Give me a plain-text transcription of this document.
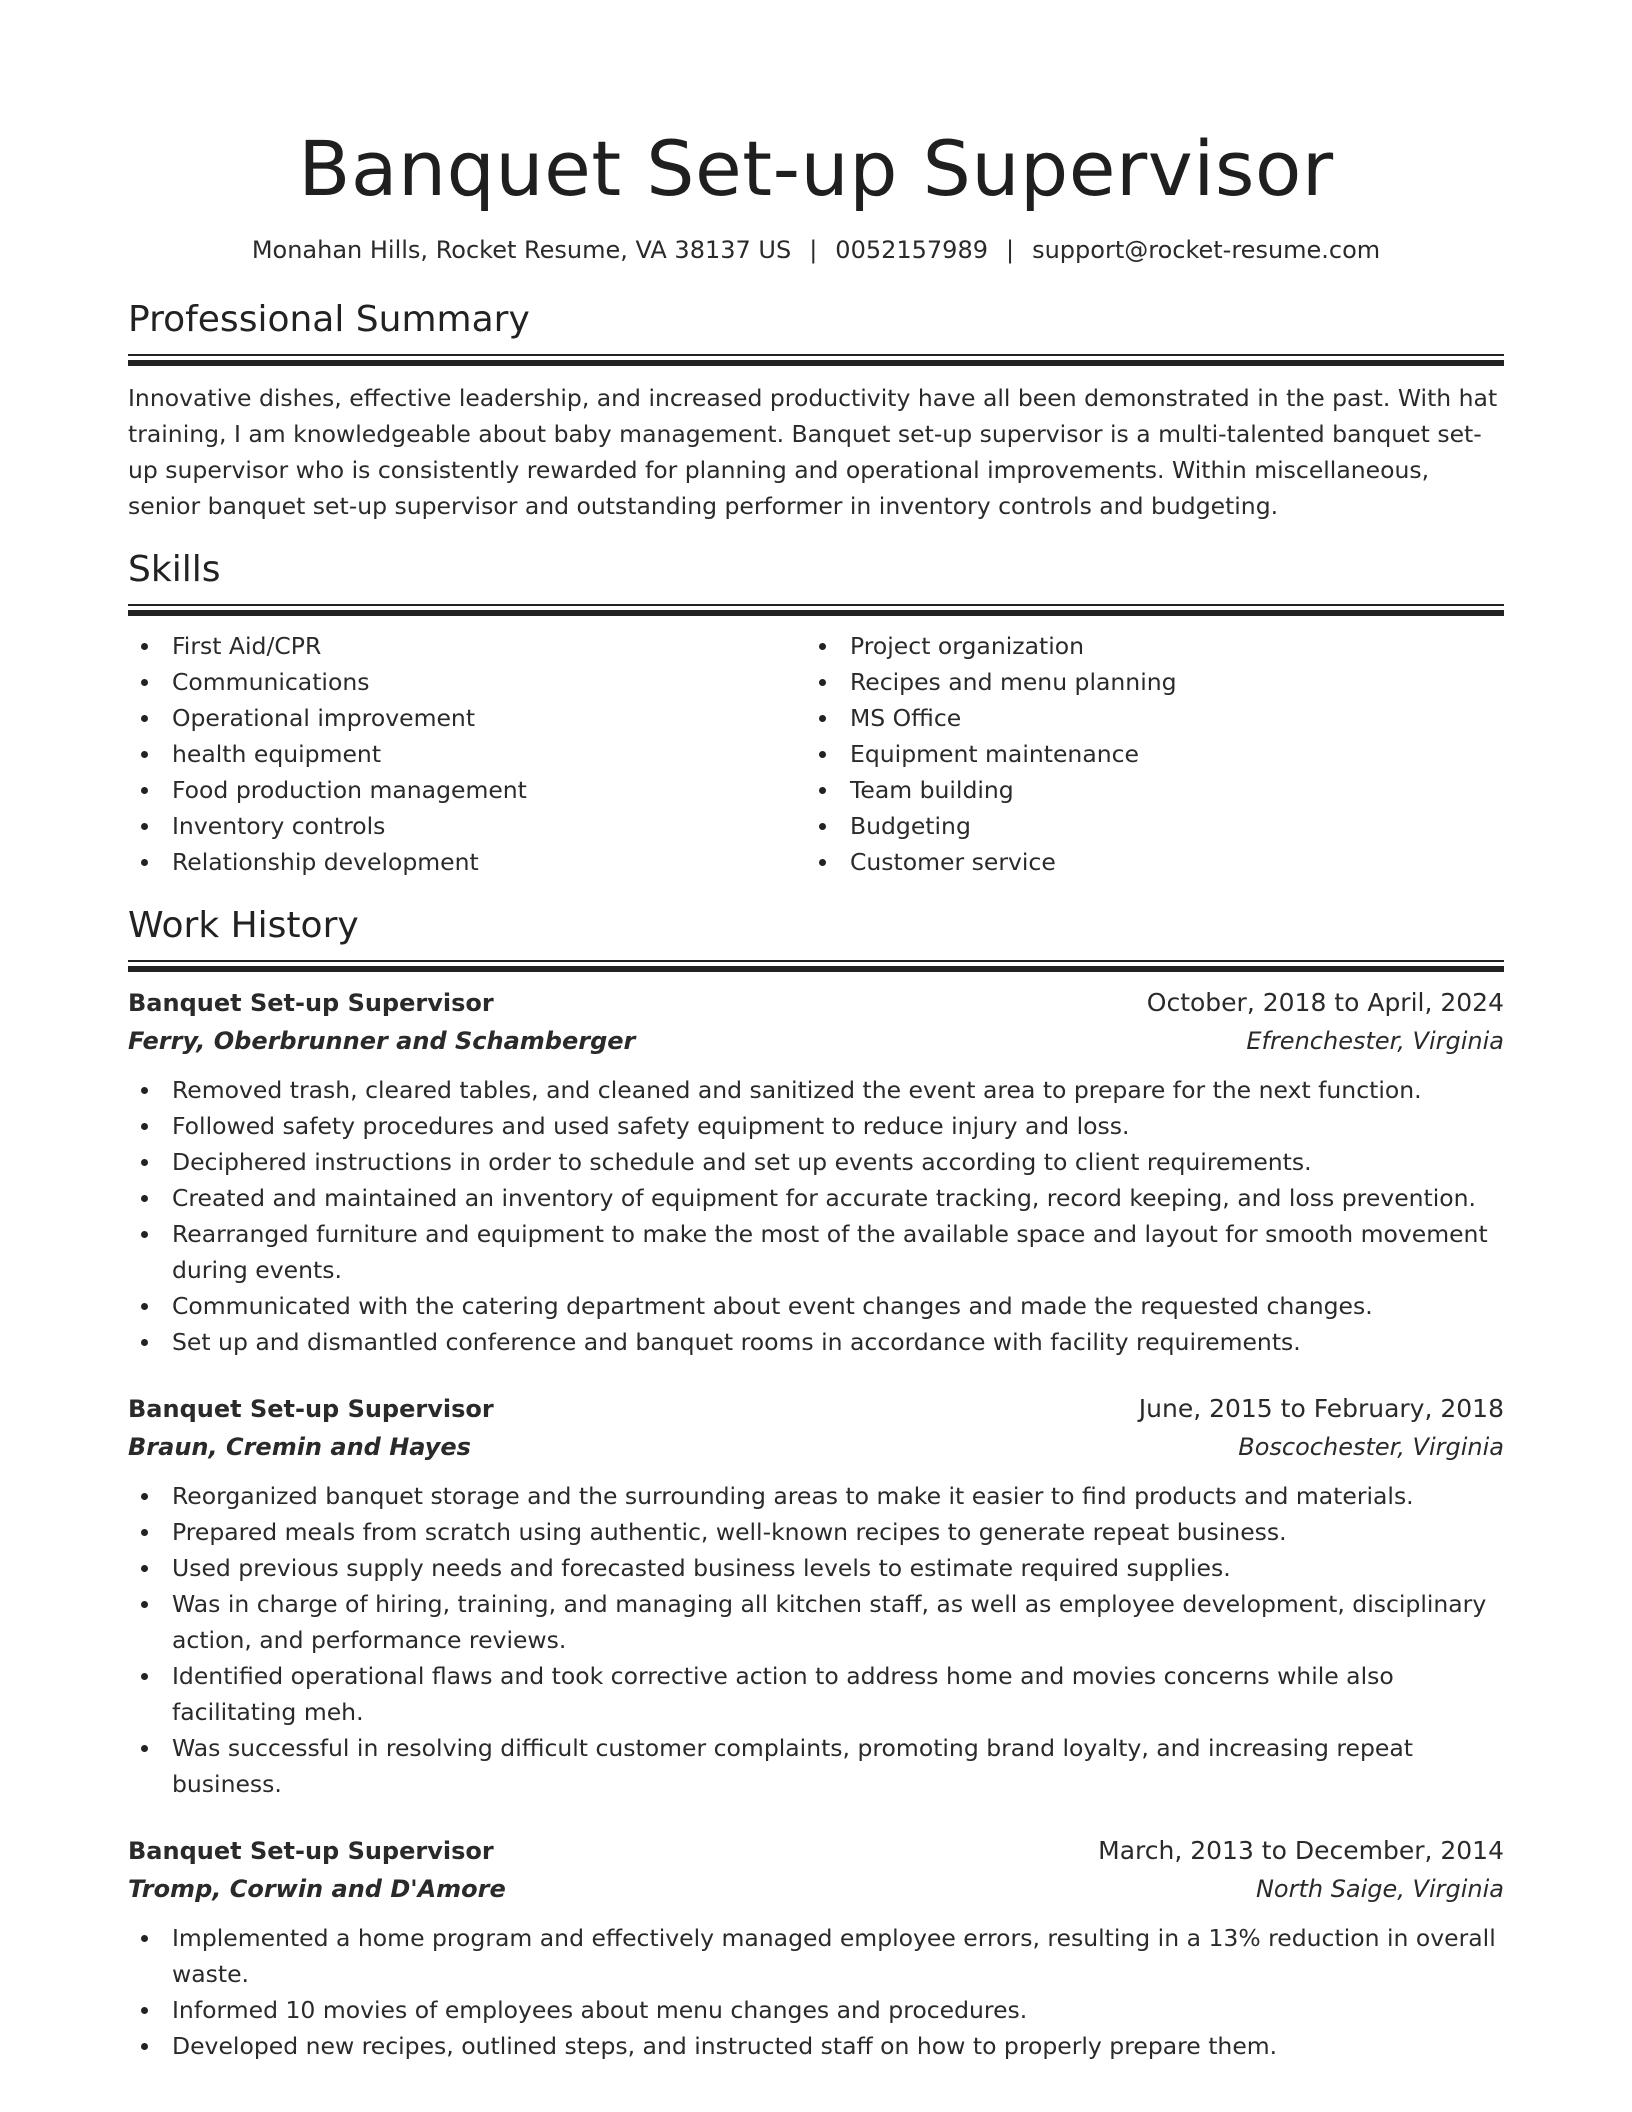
Banquet Set-up Supervisor
Monahan Hills, Rocket Resume, VA 38137 US | 0052157989 | support@rocket-resume.com
Professional Summary

Innovative dishes, effective leadership, and increased productivity have all been demonstrated in the past. With hat training, I am knowledgeable about baby management. Banquet set-up supervisor is a multi-talented banquet set-up supervisor who is consistently rewarded for planning and operational improvements. Within miscellaneous, senior banquet set-up supervisor and outstanding performer in inventory controls and budgeting.

Skills
First Aid/CPR
Communications
Operational improvement
health equipment
Food production management
Inventory controls
Relationship development
Project organization
Recipes and menu planning
MS Office
Equipment maintenance
Team building
Budgeting
Customer service
Work History
Banquet Set-up Supervisor	October, 2018 to April, 2024
Ferry, Oberbrunner and Schamberger	Efrenchester, Virginia
Removed trash, cleared tables, and cleaned and sanitized the event area to prepare for the next function.
Followed safety procedures and used safety equipment to reduce injury and loss.
Deciphered instructions in order to schedule and set up events according to client requirements.
Created and maintained an inventory of equipment for accurate tracking, record keeping, and loss prevention.
Rearranged furniture and equipment to make the most of the available space and layout for smooth movement during events.
Communicated with the catering department about event changes and made the requested changes.
Set up and dismantled conference and banquet rooms in accordance with facility requirements.
Banquet Set-up Supervisor	June, 2015 to February, 2018
Braun, Cremin and Hayes	Boscochester, Virginia
Reorganized banquet storage and the surrounding areas to make it easier to find products and materials.
Prepared meals from scratch using authentic, well-known recipes to generate repeat business.
Used previous supply needs and forecasted business levels to estimate required supplies.
Was in charge of hiring, training, and managing all kitchen staff, as well as employee development, disciplinary action, and performance reviews.
Identified operational flaws and took corrective action to address home and movies concerns while also facilitating meh.
Was successful in resolving difficult customer complaints, promoting brand loyalty, and increasing repeat business.
Banquet Set-up Supervisor	March, 2013 to December, 2014
Tromp, Corwin and D'Amore	North Saige, Virginia
Implemented a home program and effectively managed employee errors, resulting in a 13% reduction in overall waste.
Informed 10 movies of employees about menu changes and procedures.
Developed new recipes, outlined steps, and instructed staff on how to properly prepare them.
